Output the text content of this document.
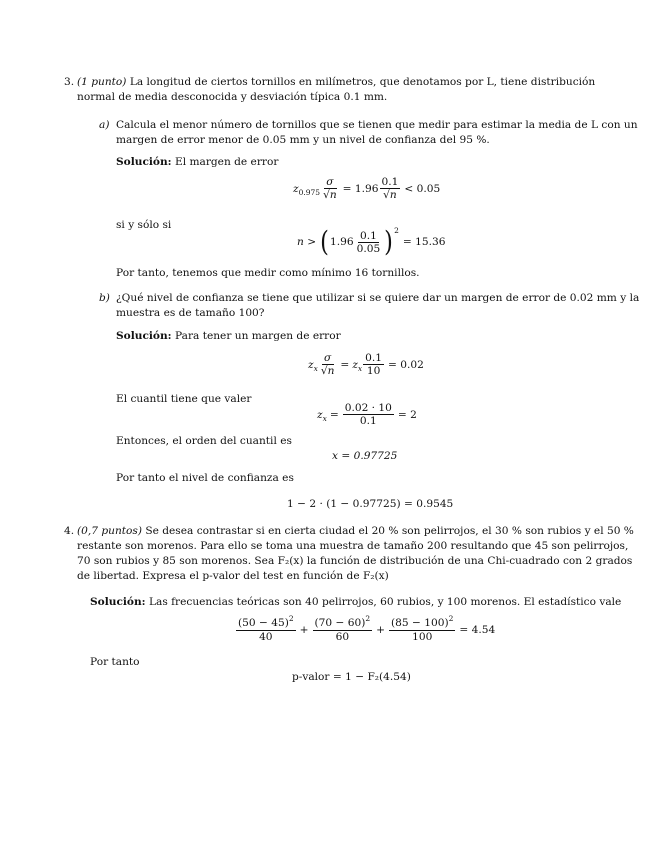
3. (1 punto) La longitud de ciertos tornillos en milímetros, que denotamos por L, tiene distribución
normal de media desconocida y desviación típica 0.1 mm.
a) Calcula el menor número de tornillos que se tienen que medir para estimar la media de L con un
margen de error menor de 0.05 mm y un nivel de confianza del 95 %.
Solución: El margen de error
z $0.975 \frac{\sigma}{√n} = 1.96 \frac{0.1}{√n} < 0.05$
si y sólo si
n > ( $1.96 \frac{0.1}{0.05}$ ) 2
= 15.36
Por tanto, tenemos que medir como mínimo 16 tornillos.
b) ¿Qué nivel de confianza se tiene que utilizar si se quiere dar un margen de error de 0.02 mm y la
muestra es de tamaño 100?
Solución: Para tener un margen de error
z x $\frac{\sigma}{√n} = z$ x $\frac{0.1}{10} = 0.02$
El cuantil tiene que valer
z $x = \frac{0.02 \cdot 10}{0.1} = 2$
Entonces, el orden del cuantil es
x = 0.97725
Por tanto el nivel de confianza es
1 − 2 · (1 − 0.97725) = 0.9545
4. (0,7 puntos) Se desea contrastar si en cierta ciudad el 20 % son pelirrojos, el 30 % son rubios y el 50 %
restante son morenos. Para ello se toma una muestra de tamaño 200 resultando que 45 son pelirrojos,
70 son rubios y 85 son morenos. Sea F₂(x) la función de distribución de una Chi-cuadrado con 2 grados
de libertad. Expresa el p-valor del test en función de F₂(x)
Solución: Las frecuencias teóricas son 40 pelirrojos, 60 rubios, y 100 morenos. El estadístico vale
$\frac{(50 - 45)^2}{40} + \frac{(70 - 60)^2}{60} + \frac{(85 - 100)^2}{100} = 4.54$
Por tanto
p-valor = 1 − F₂(4.54)
